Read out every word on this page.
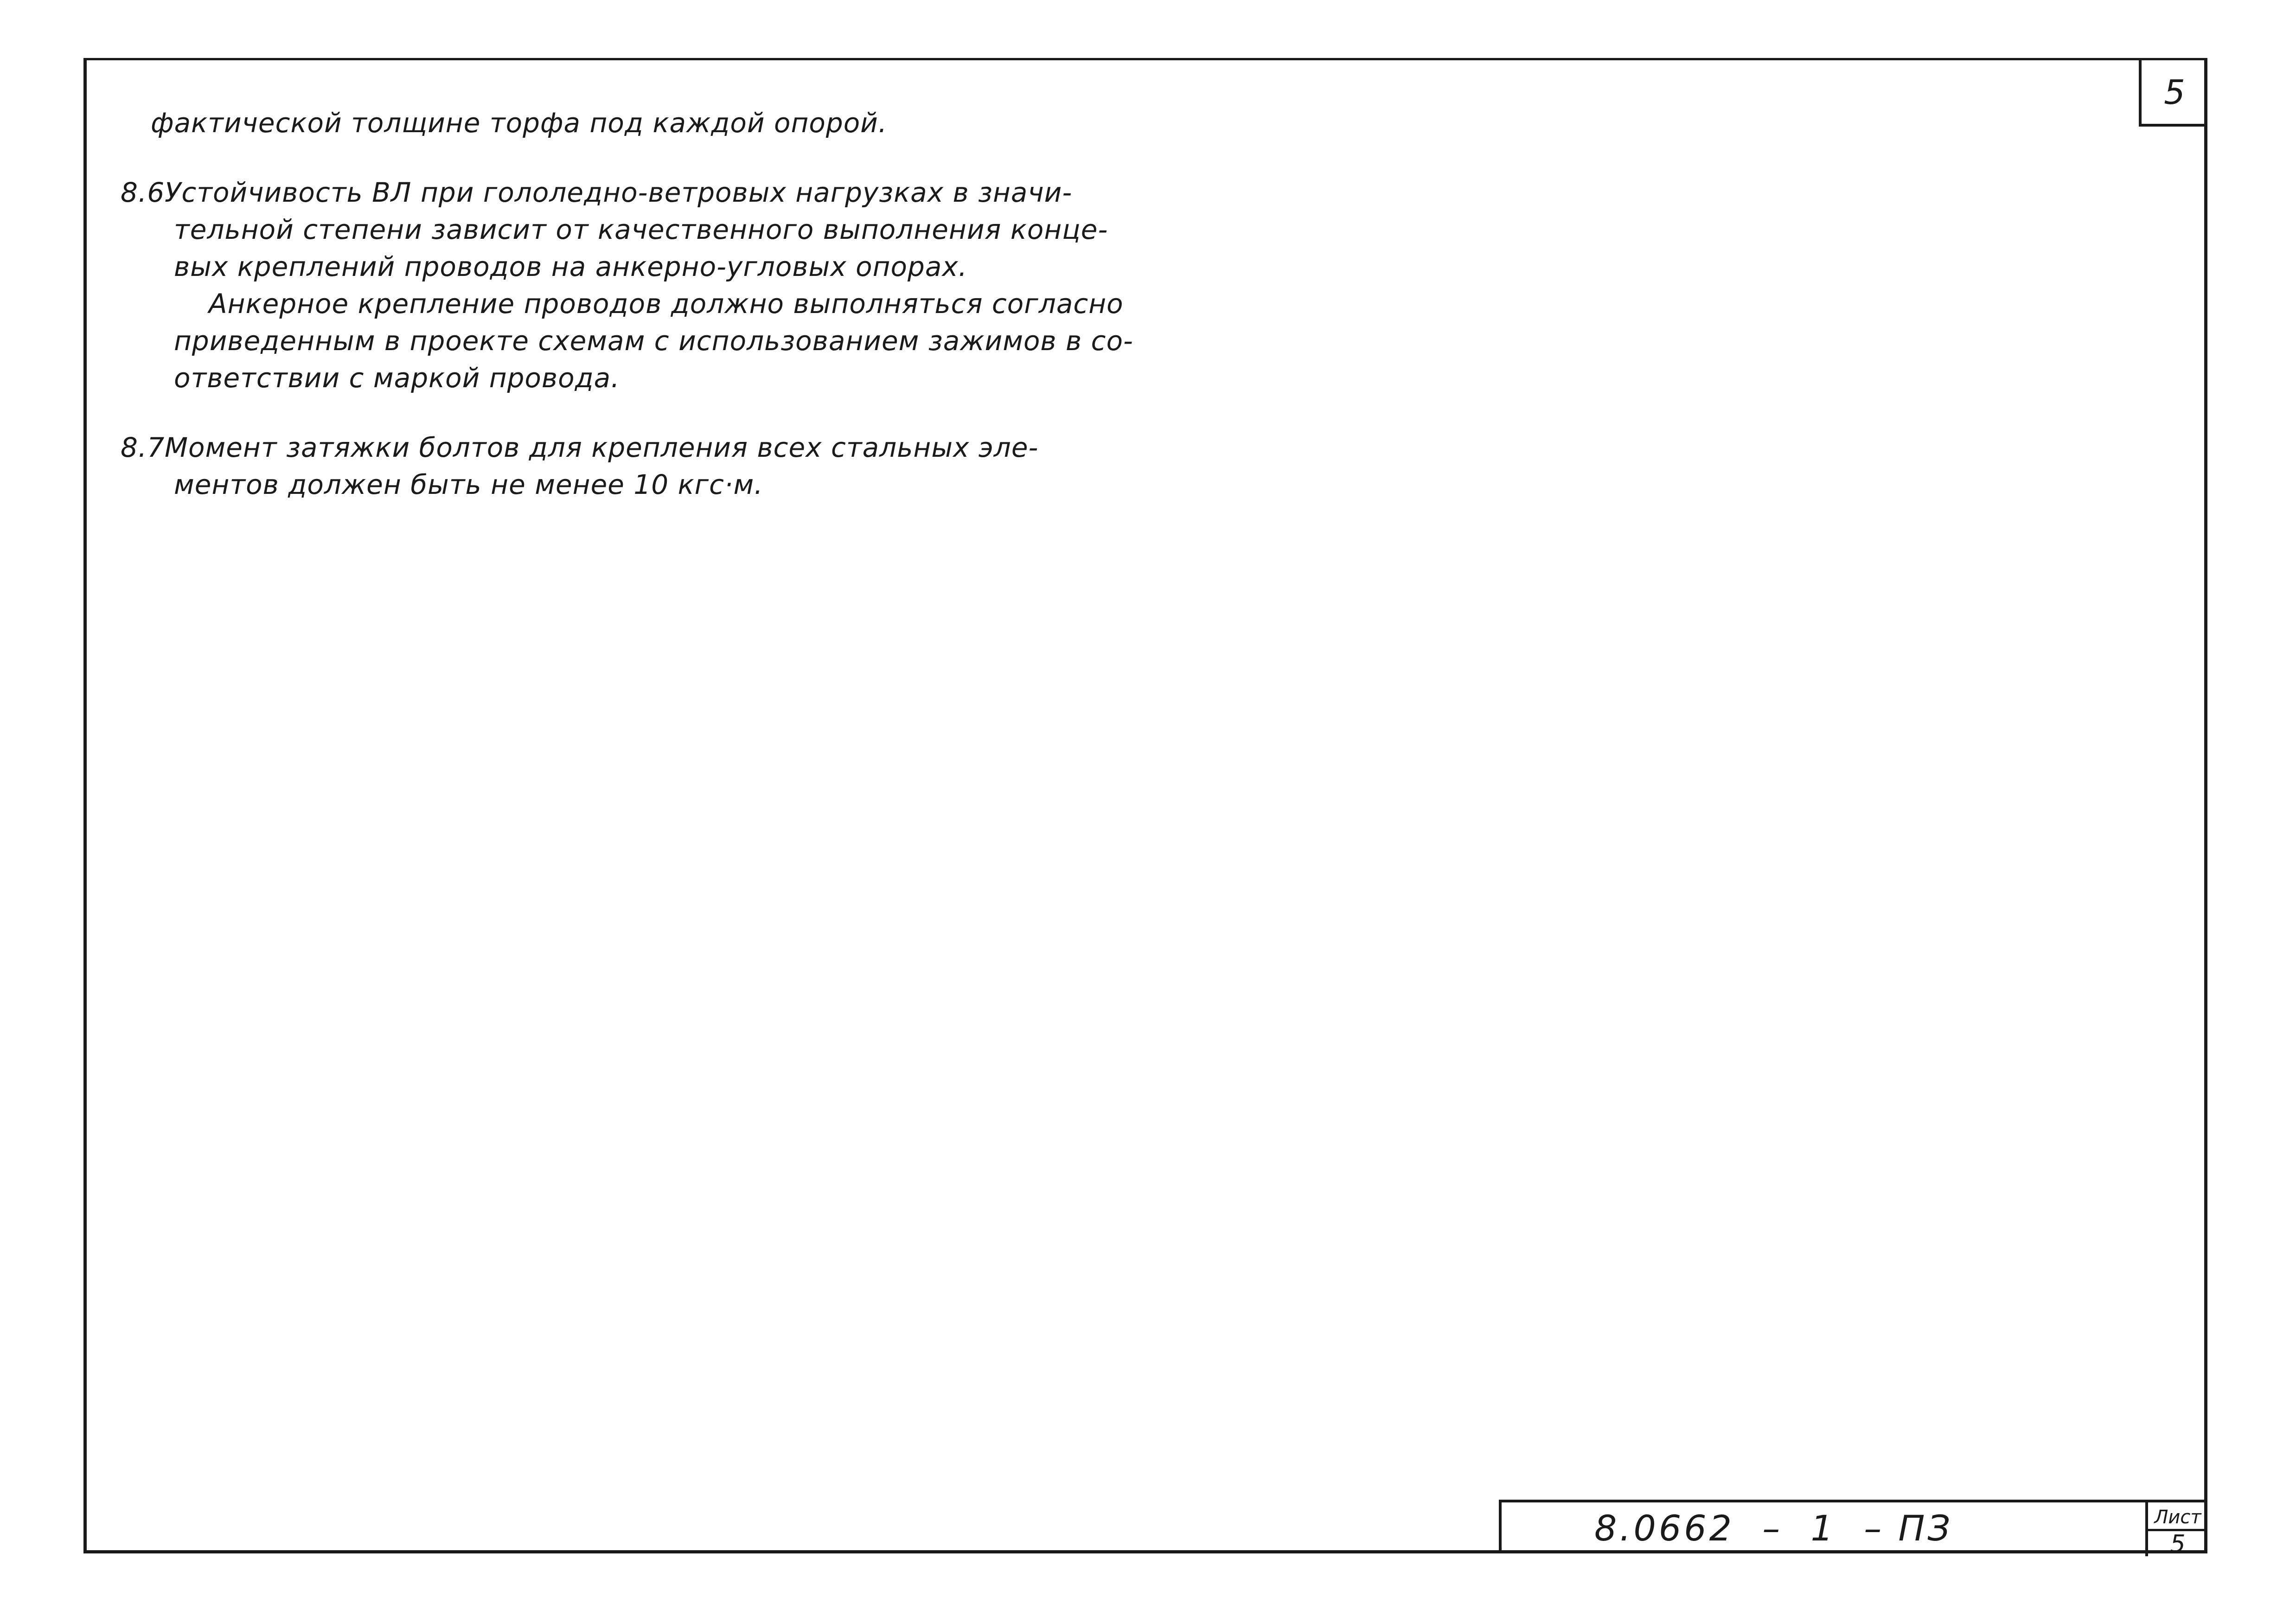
5
фактической толщине торфа под каждой опорой.
8.6Устойчивость ВЛ при гололедно-ветровых нагрузках в значи-
тельной степени зависит от качественного выполнения конце-
вых креплений проводов на анкерно-угловых опорах.
Анкерное крепление проводов должно выполняться согласно
приведенным в проекте схемам с использованием зажимов в со-
ответствии с маркой провода.
8.7Момент затяжки болтов для крепления всех стальных эле-
ментов должен быть не менее 10 кгс·м.
8.0662  –  1  – ПЗ	Лист
5
